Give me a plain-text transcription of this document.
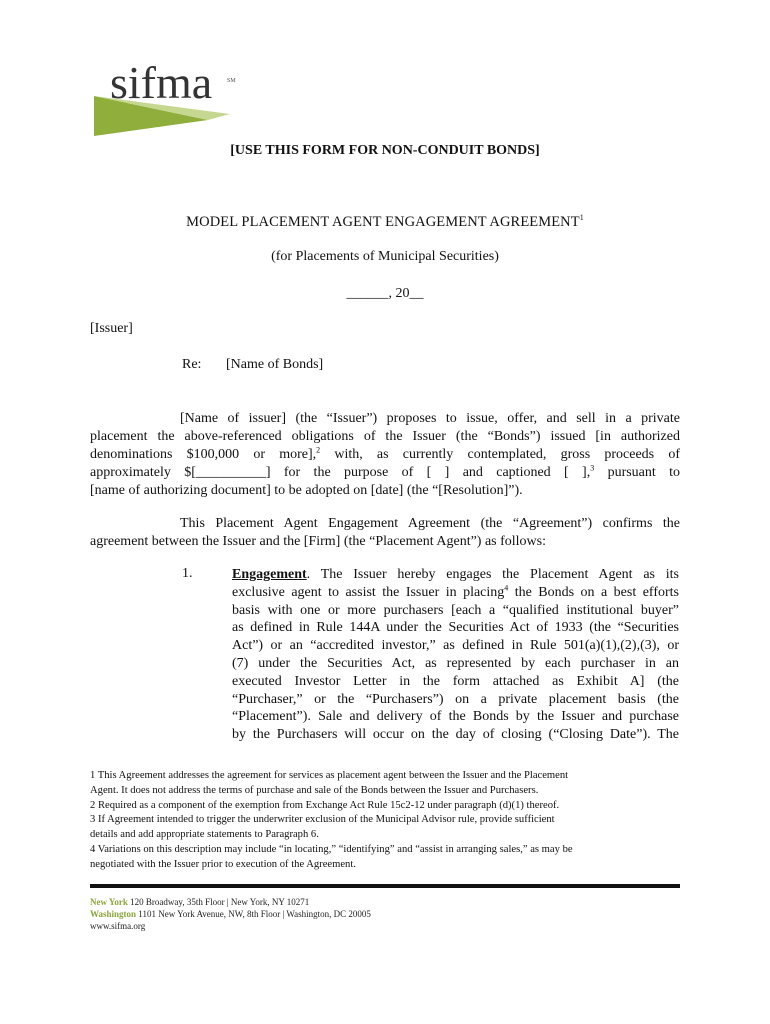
sifma SM
[USE THIS FORM FOR NON-CONDUIT BONDS]
MODEL PLACEMENT AGENT ENGAGEMENT AGREEMENT$^1$
(for Placements of Municipal Securities)
______, 20__
[Issuer]
Re: [Name of Bonds]
[Name of issuer] (the “Issuer”) proposes to issue, offer, and sell in a private
placement the above-referenced obligations of the Issuer (the “Bonds”) issued [in authorized
denominations $100,000 or more],$^2$ with, as currently contemplated, gross proceeds of
approximately $[__________] for the purpose of [ ] and captioned [ ],$^3$ pursuant to
[name of authorizing document] to be adopted on [date] (the “[Resolution]”).
This Placement Agent Engagement Agreement (the “Agreement”) confirms the
agreement between the Issuer and the [Firm] (the “Placement Agent”) as follows:
1.	Engagement. The Issuer hereby engages the Placement Agent as its
exclusive agent to assist the Issuer in placing$^4$ the Bonds on a best efforts
basis with one or more purchasers [each a “qualified institutional buyer”
as defined in Rule 144A under the Securities Act of 1933 (the “Securities
Act”) or an “accredited investor,” as defined in Rule 501(a)(1),(2),(3), or
(7) under the Securities Act, as represented by each purchaser in an
executed Investor Letter in the form attached as Exhibit A] (the
“Purchaser,” or the “Purchasers”) on a private placement basis (the
“Placement”). Sale and delivery of the Bonds by the Issuer and purchase
by the Purchasers will occur on the day of closing (“Closing Date”). The
1 This Agreement addresses the agreement for services as placement agent between the Issuer and the Placement
Agent. It does not address the terms of purchase and sale of the Bonds between the Issuer and Purchasers.
2 Required as a component of the exemption from Exchange Act Rule 15c2-12 under paragraph (d)(1) thereof.
3 If Agreement intended to trigger the underwriter exclusion of the Municipal Advisor rule, provide sufficient
details and add appropriate statements to Paragraph 6.
4 Variations on this description may include “in locating,” “identifying” and “assist in arranging sales,” as may be
negotiated with the Issuer prior to execution of the Agreement.
New York 120 Broadway, 35th Floor | New York, NY 10271
Washington 1101 New York Avenue, NW, 8th Floor | Washington, DC 20005
www.sifma.org
